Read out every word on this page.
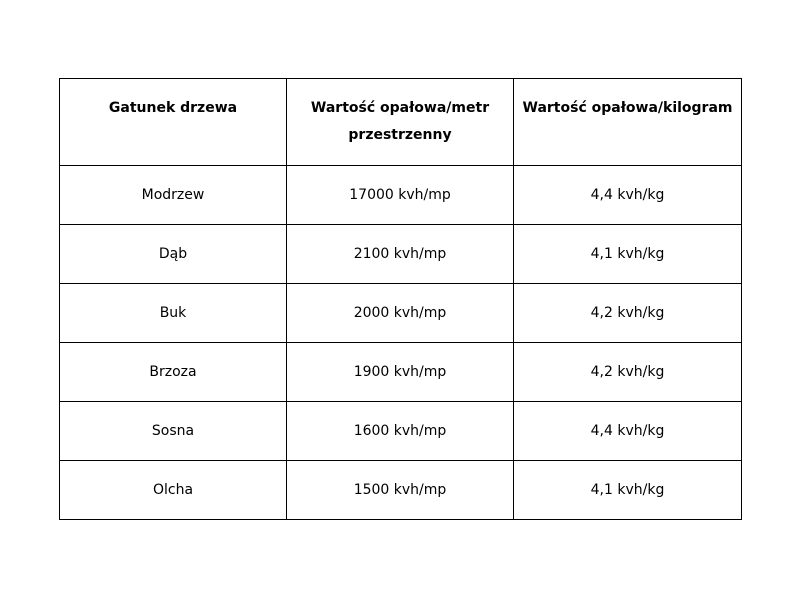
Gatunek drzewa	Wartość opałowa/metr przestrzenny	Wartość opałowa/kilogram
Modrzew	17000 kvh/mp	4,4 kvh/kg
Dąb	2100 kvh/mp	4,1 kvh/kg
Buk	2000 kvh/mp	4,2 kvh/kg
Brzoza	1900 kvh/mp	4,2 kvh/kg
Sosna	1600 kvh/mp	4,4 kvh/kg
Olcha	1500 kvh/mp	4,1 kvh/kg
